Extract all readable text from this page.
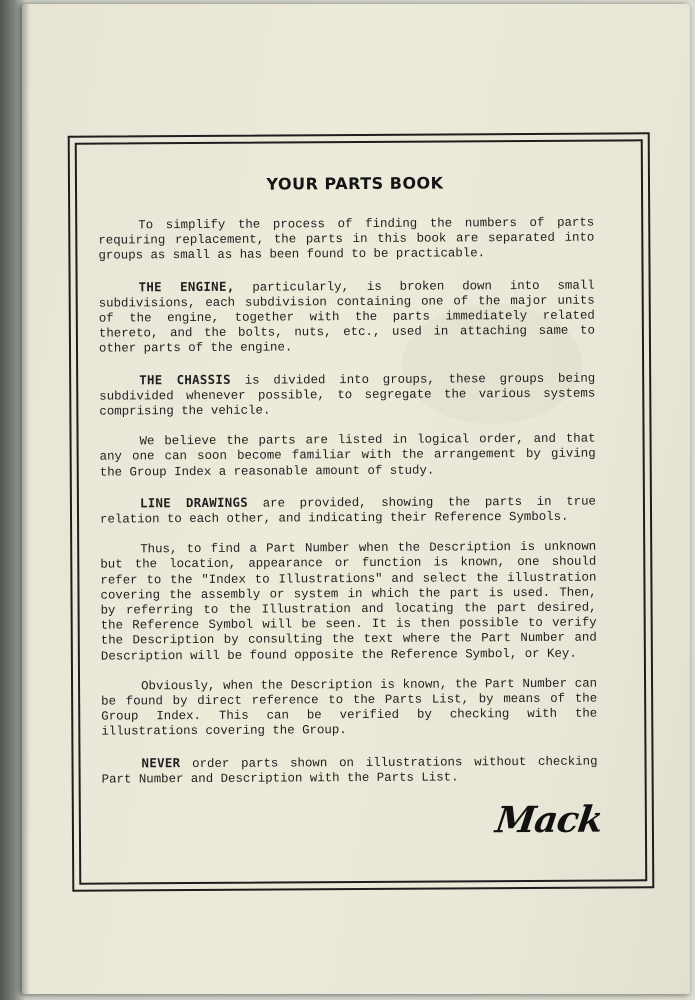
YOUR PARTS BOOK

To simplify the process of finding the numbers of parts requiring replacement, the parts in this book are separated into groups as small as has been found to be practicable.

THE ENGINE, particularly, is broken down into small subdivisions, each subdivision containing one of the major units of the engine, together with the parts immediately related thereto, and the bolts, nuts, etc., used in attaching same to other parts of the engine.

THE CHASSIS is divided into groups, these groups being subdivided whenever possible, to segregate the various systems comprising the vehicle.

We believe the parts are listed in logical order, and that any one can soon become familiar with the arrangement by giving the Group Index a reasonable amount of study.

LINE DRAWINGS are provided, showing the parts in true relation to each other, and indicating their Reference Symbols.

Thus, to find a Part Number when the Description is unknown but the location, appearance or function is known, one should refer to the "Index to Illustrations" and select the illustration covering the assembly or system in which the part is used. Then, by referring to the Illustration and locating the part desired, the Reference Symbol will be seen. It is then possible to verify the Description by consulting the text where the Part Number and Description will be found opposite the Reference Symbol, or Key.

Obviously, when the Description is known, the Part Number can be found by direct reference to the Parts List, by means of the Group Index. This can be verified by checking with the illustrations covering the Group.

NEVER order parts shown on illustrations without checking Part Number and Description with the Parts List.

Mack
